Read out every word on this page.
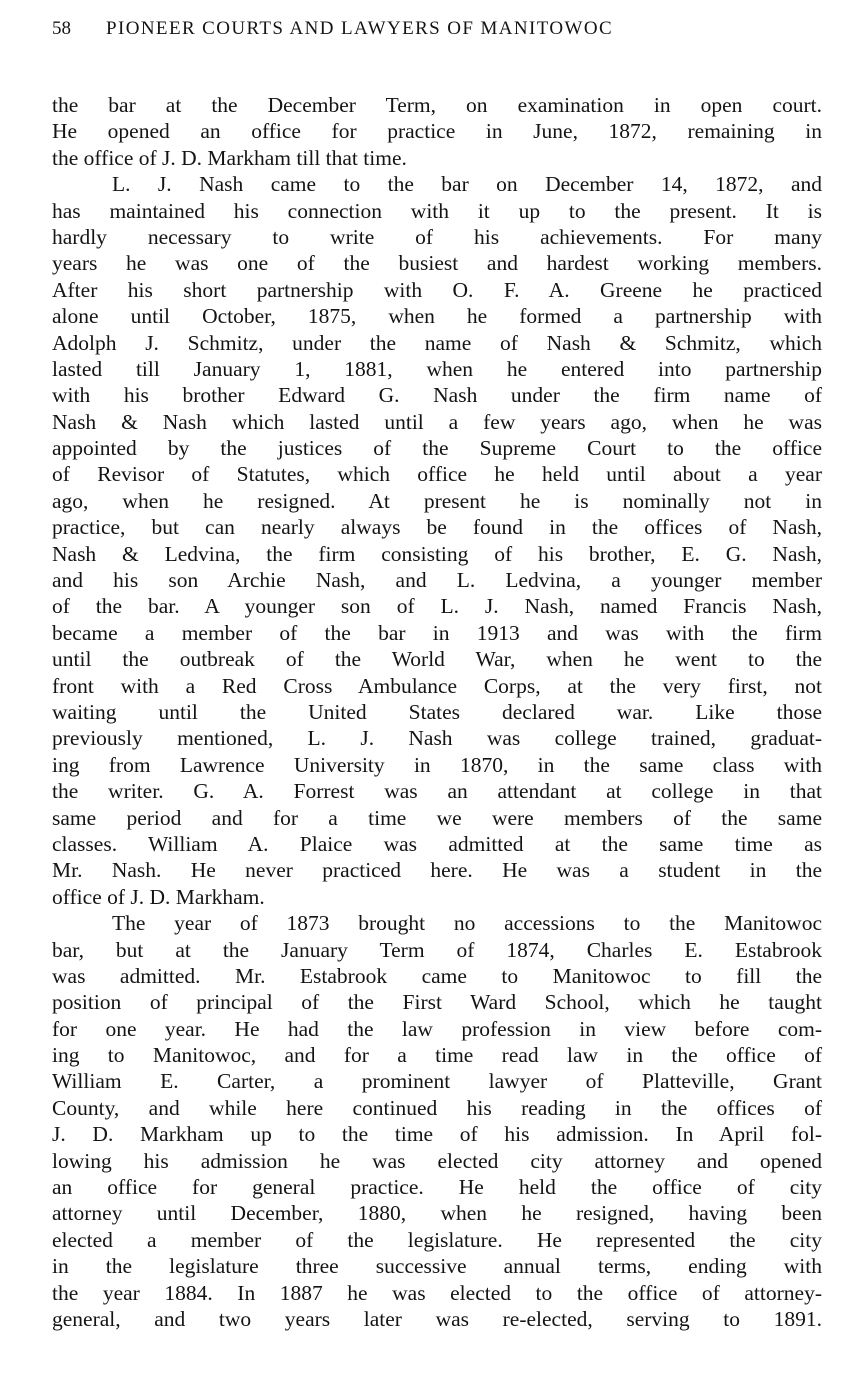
58	PIONEER COURTS AND LAWYERS OF MANITOWOC
the bar at the December Term, on examination in open court.
He opened an office for practice in June, 1872, remaining in
the office of J. D. Markham till that time.
L. J. Nash came to the bar on December 14, 1872, and
has maintained his connection with it up to the present. It is
hardly necessary to write of his achievements. For many
years he was one of the busiest and hardest working members.
After his short partnership with O. F. A. Greene he practiced
alone until October, 1875, when he formed a partnership with
Adolph J. Schmitz, under the name of Nash & Schmitz, which
lasted till January 1, 1881, when he entered into partnership
with his brother Edward G. Nash under the firm name of
Nash & Nash which lasted until a few years ago, when he was
appointed by the justices of the Supreme Court to the office
of Revisor of Statutes, which office he held until about a year
ago, when he resigned. At present he is nominally not in
practice, but can nearly always be found in the offices of Nash,
Nash & Ledvina, the firm consisting of his brother, E. G. Nash,
and his son Archie Nash, and L. Ledvina, a younger member
of the bar. A younger son of L. J. Nash, named Francis Nash,
became a member of the bar in 1913 and was with the firm
until the outbreak of the World War, when he went to the
front with a Red Cross Ambulance Corps, at the very first, not
waiting until the United States declared war. Like those
previously mentioned, L. J. Nash was college trained, graduat-
ing from Lawrence University in 1870, in the same class with
the writer. G. A. Forrest was an attendant at college in that
same period and for a time we were members of the same
classes. William A. Plaice was admitted at the same time as
Mr. Nash. He never practiced here. He was a student in the
office of J. D. Markham.
The year of 1873 brought no accessions to the Manitowoc
bar, but at the January Term of 1874, Charles E. Estabrook
was admitted. Mr. Estabrook came to Manitowoc to fill the
position of principal of the First Ward School, which he taught
for one year. He had the law profession in view before com-
ing to Manitowoc, and for a time read law in the office of
William E. Carter, a prominent lawyer of Platteville, Grant
County, and while here continued his reading in the offices of
J. D. Markham up to the time of his admission. In April fol-
lowing his admission he was elected city attorney and opened
an office for general practice. He held the office of city
attorney until December, 1880, when he resigned, having been
elected a member of the legislature. He represented the city
in the legislature three successive annual terms, ending with
the year 1884. In 1887 he was elected to the office of attorney-
general, and two years later was re-elected, serving to 1891.
